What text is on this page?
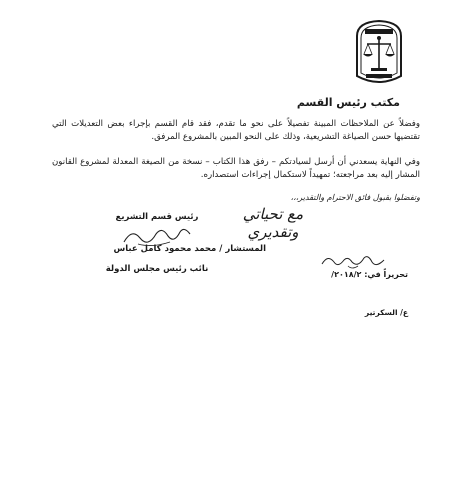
مكتب رئيس القسم

وفضلاً عن الملاحظات المبينة تفصيلاً على نحو ما تقدم، فقد قام القسم بإجراء بعض التعديلات التي تقتضيها حسن الصياغة التشريعية، وذلك على النحو المبين بالمشروع المرفق.

وفي النهاية يسعدني أن أرسل لسيادتكم – رفق هذا الكتاب – نسخة من الصيغة المعدلة لمشروع القانون المشار إليه بعد مراجعته؛ تمهيداً لاستكمال إجراءات استصداره.

وتفضلوا بقبول فائق الاحترام والتقدير،،،
مع تحياتي وتقديري
رئيس قسم التشريع
المستشار / محمد محمود كامل عباس
نائب رئيس مجلس الدولة
تحريراً في: ٢٠١٨/٢/
ع/ السكرتير
